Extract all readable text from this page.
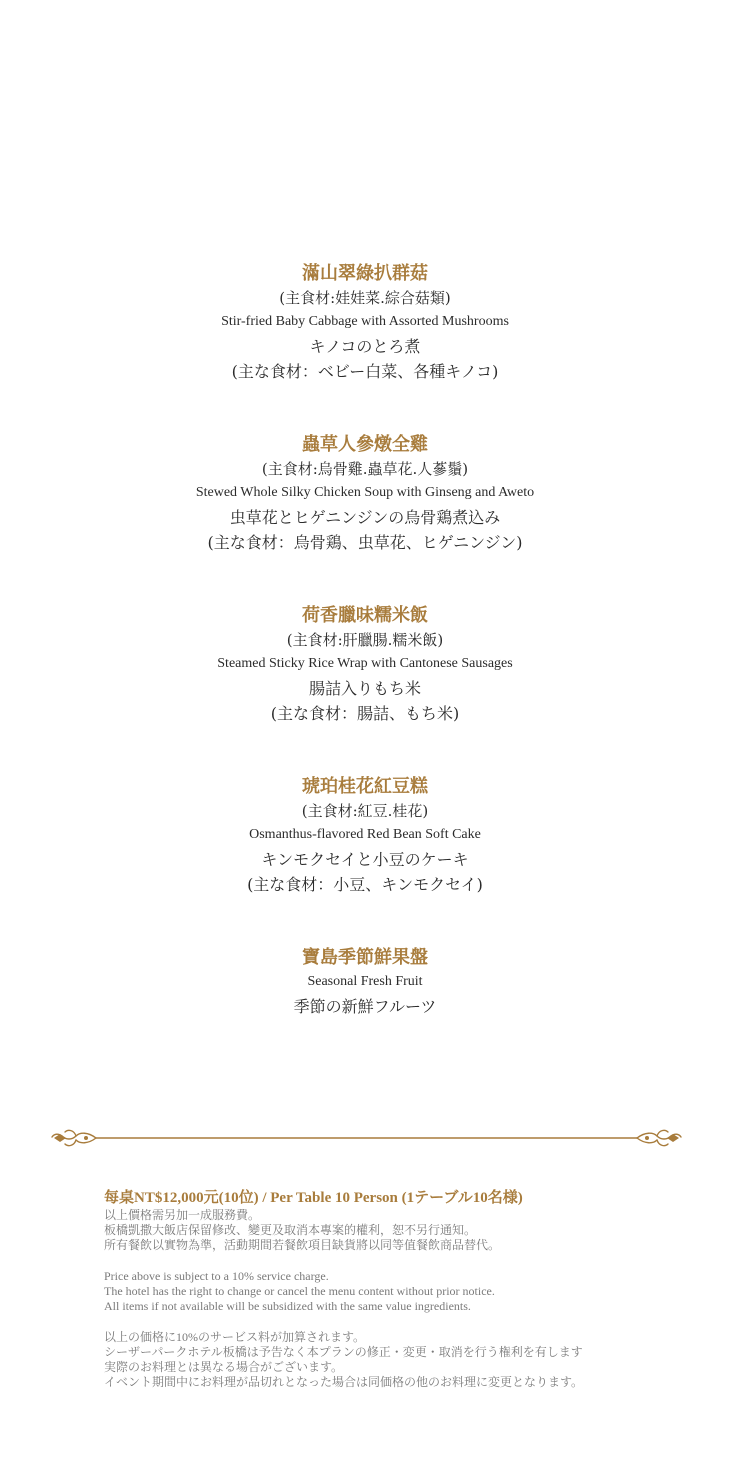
滿山翠綠扒群菇

(主食材:娃娃菜.綜合菇類)

Stir-fried Baby Cabbage with Assorted Mushrooms

キノコのとろ煮

(主な食材：ベビー白菜、各種キノコ)

蟲草人參燉全雞

(主食材:烏骨雞.蟲草花.人蔘鬚)

Stewed Whole Silky Chicken Soup with Ginseng and Aweto

虫草花とヒゲニンジンの烏骨鶏煮込み

(主な食材：烏骨鶏、虫草花、ヒゲニンジン)

荷香臘味糯米飯

(主食材:肝臘腸.糯米飯)

Steamed Sticky Rice Wrap with Cantonese Sausages

腸詰入りもち米

(主な食材：腸詰、もち米)

琥珀桂花紅豆糕

(主食材:紅豆.桂花)

Osmanthus-flavored Red Bean Soft Cake

キンモクセイと小豆のケーキ

(主な食材：小豆、キンモクセイ)

寶島季節鮮果盤

Seasonal Fresh Fruit

季節の新鮮フルーツ

每桌NT$12,000元(10位) / Per Table 10 Person (1テーブル10名様)

以上價格需另加一成服務費。

板橋凱撒大飯店保留修改、變更及取消本專案的權利，恕不另行通知。

所有餐飲以實物為準，活動期間若餐飲項目缺貨將以同等值餐飲商品替代。

Price above is subject to a 10% service charge.

The hotel has the right to change or cancel the menu content without prior notice.

All items if not available will be subsidized with the same value ingredients.

以上の価格に10%のサービス料が加算されます。

シーザーパークホテル板橋は予告なく本プランの修正・変更・取消を行う権利を有します

実際のお料理とは異なる場合がございます。

イベント期間中にお料理が品切れとなった場合は同価格の他のお料理に変更となります。
